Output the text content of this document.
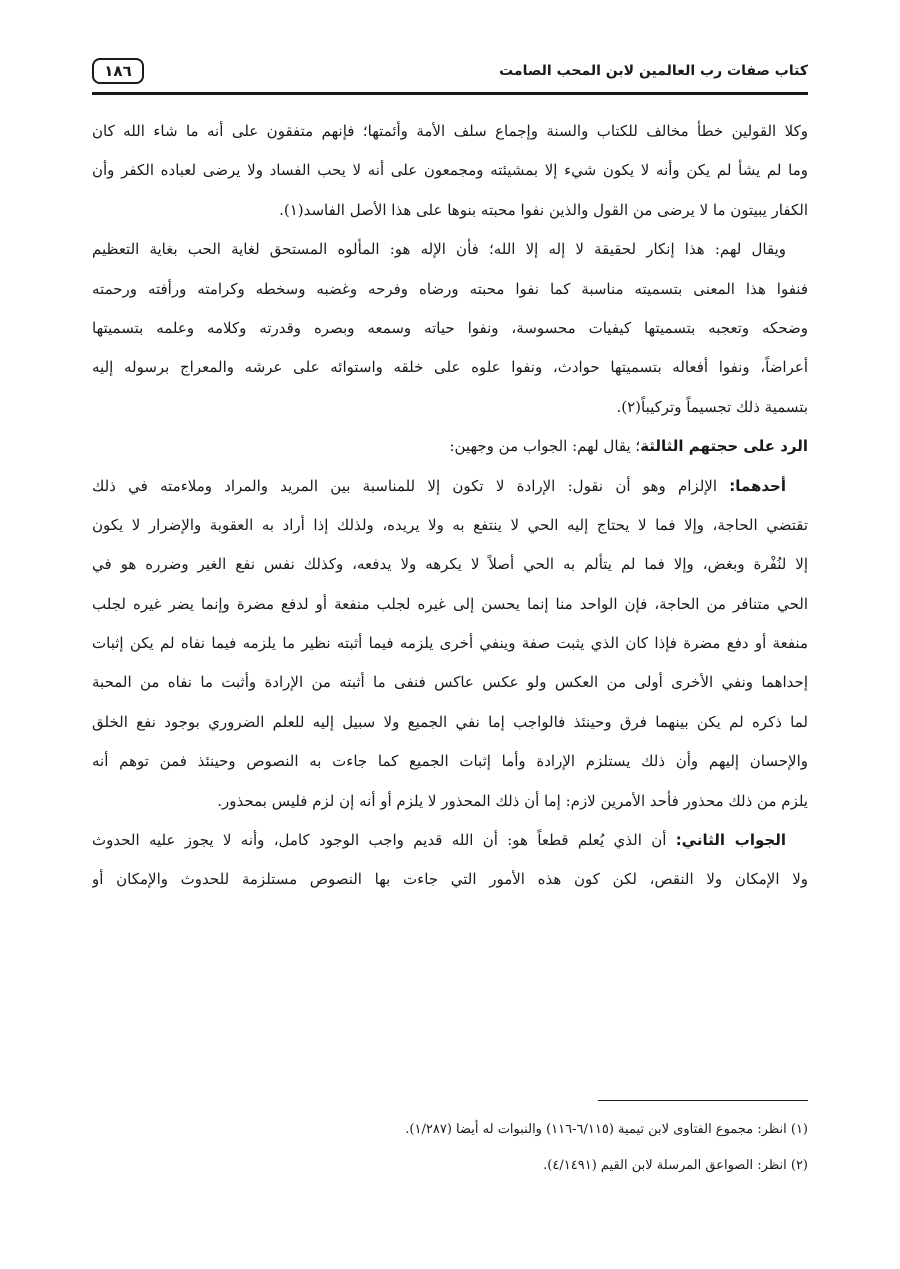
كتاب صفات رب العالمين لابن المحب الصامت
١٨٦
وكلا القولين خطأ مخالف للكتاب والسنة وإجماع سلف الأمة وأئمتها؛ فإنهم متفقون على أنه ما شاء الله كان
وما لم يشأ لم يكن وأنه لا يكون شيء إلا بمشيئته ومجمعون على أنه لا يحب الفساد ولا يرضى لعباده الكفر وأن
الكفار يبيتون ما لا يرضى من القول والذين نفوا محبته بنوها على هذا الأصل الفاسد(١).
ويقال لهم: هذا إنكار لحقيقة لا إله إلا الله؛ فأن الإله هو: المألوه المستحق لغاية الحب بغاية التعظيم
فنفوا هذا المعنى بتسميته مناسبة كما نفوا محبته ورضاه وفرحه وغضبه وسخطه وكرامته ورأفته ورحمته
وضحكه وتعجبه بتسميتها كيفيات محسوسة، ونفوا حياته وسمعه وبصره وقدرته وكلامه وعلمه بتسميتها
أعراضاً، ونفوا أفعاله بتسميتها حوادث، ونفوا علوه على خلقه واستوائه على عرشه والمعراج برسوله إليه
بتسمية ذلك تجسيماً وتركيباً(٢).
الرد على حجتهم الثالثة؛ يقال لهم: الجواب من وجهين:
أحدهما: الإلزام وهو أن نقول: الإرادة لا تكون إلا للمناسبة بين المريد والمراد وملاءمته في ذلك
تقتضي الحاجة، وإلا فما لا يحتاج إليه الحي لا ينتفع به ولا يريده، ولذلك إذا أراد به العقوبة والإضرار لا يكون
إلا لنُفْرة وبغض، وإلا فما لم يتألم به الحي أصلاً لا يكرهه ولا يدفعه، وكذلك نفس نفع الغير وضرره هو في
الحي متنافر من الحاجة، فإن الواحد منا إنما يحسن إلى غيره لجلب منفعة أو لدفع مضرة وإنما يضر غيره لجلب
منفعة أو دفع مضرة فإذا كان الذي يثبت صفة وينفي أخرى يلزمه فيما أثبته نظير ما يلزمه فيما نفاه لم يكن إثبات
إحداهما ونفي الأخرى أولى من العكس ولو عكس عاكس فنفى ما أثبته من الإرادة وأثبت ما نفاه من المحبة
لما ذكره لم يكن بينهما فرق وحينئذ فالواجب إما نفي الجميع ولا سبيل إليه للعلم الضروري بوجود نفع الخلق
والإحسان إليهم وأن ذلك يستلزم الإرادة وأما إثبات الجميع كما جاءت به النصوص وحينئذ فمن توهم أنه
يلزم من ذلك محذور فأحد الأمرين لازم: إما أن ذلك المحذور لا يلزم أو أنه إن لزم فليس بمحذور.
الجواب الثاني: أن الذي يُعلم قطعاً هو: أن الله قديم واجب الوجود كامل، وأنه لا يجوز عليه الحدوث
ولا الإمكان ولا النقص، لكن كون هذه الأمور التي جاءت بها النصوص مستلزمة للحدوث والإمكان أو
(١) انظر: مجموع الفتاوى لابن تيمية (٦/١١٥-١١٦) والنبوات له أيضا (١/٢٨٧).
(٢) انظر: الصواعق المرسلة لابن القيم (٤/١٤٩١).
